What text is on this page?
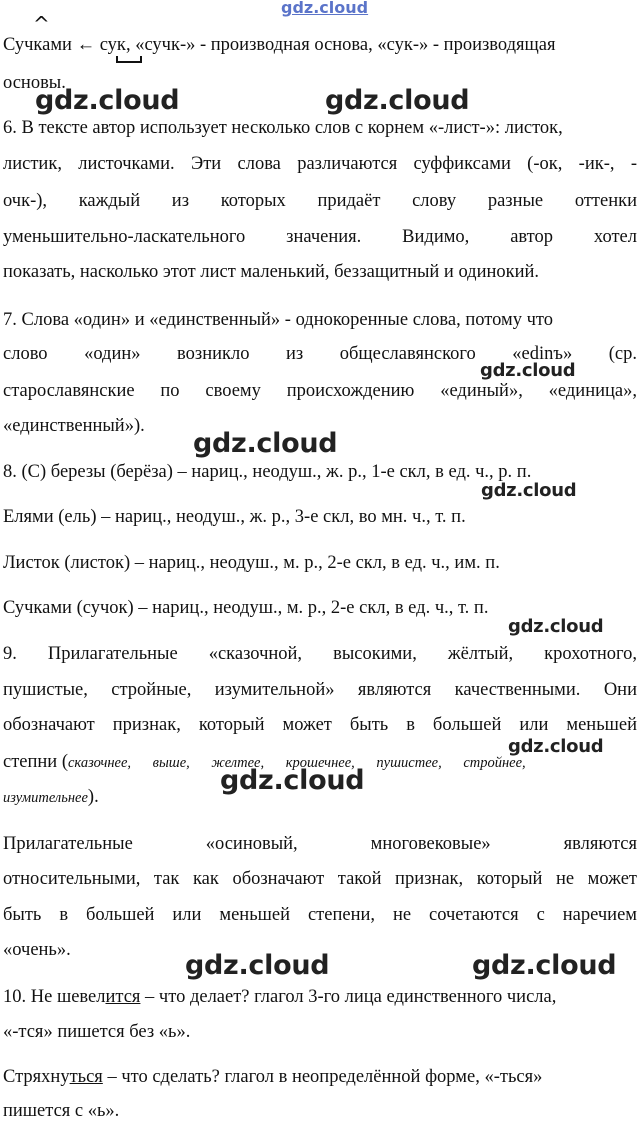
gdz.cloud
^
Сучками ← сук, «сучк-» - производная основа, «сук-» - производящая
основы.
6. В тексте автор использует несколько слов с корнем «-лист-»: листок,
листик, листочками. Эти слова различаются суффиксами (-ок, -ик-, -
очк-), каждый из которых придаёт слову разные оттенки
уменьшительно-ласкательного значения. Видимо, автор хотел
показать, насколько этот лист маленький, беззащитный и одинокий.
7. Слова «один» и «единственный» - однокоренные слова, потому что
слово «один» возникло из общеславянского «edinъ» (ср.
старославянские по своему происхождению «единый», «единица»,
«единственный»).
8. (С) березы (берёза) – нариц., неодуш., ж. р., 1-е скл, в ед. ч., р. п.
Елями (ель) – нариц., неодуш., ж. р., 3-е скл, во мн. ч., т. п.
Листок (листок) – нариц., неодуш., м. р., 2-е скл, в ед. ч., им. п.
Сучками (сучок) – нариц., неодуш., м. р., 2-е скл, в ед. ч., т. п.
9. Прилагательные «сказочной, высокими, жёлтый, крохотного,
пушистые, стройные, изумительной» являются качественными. Они
обозначают признак, который может быть в большей или меньшей
степни (сказочнее, выше, желтее, крошечнее, пушистее, стройнее,
изумительнее).
Прилагательные «осиновый, многовековые» являются
относительными, так как обозначают такой признак, который не может
быть в большей или меньшей степени, не сочетаются с наречием
«очень».
10. Не шевелится – что делает? глагол 3-го лица единственного числа,
«-тся» пишется без «ь».
Стряхнуться – что сделать? глагол в неопределённой форме, «-ться»
пишется с «ь».
gdz.cloud	gdz.cloud
gdz.cloud
gdz.cloud
gdz.cloud
gdz.cloud
gdz.cloud
gdz.cloud
gdz.cloud	gdz.cloud
